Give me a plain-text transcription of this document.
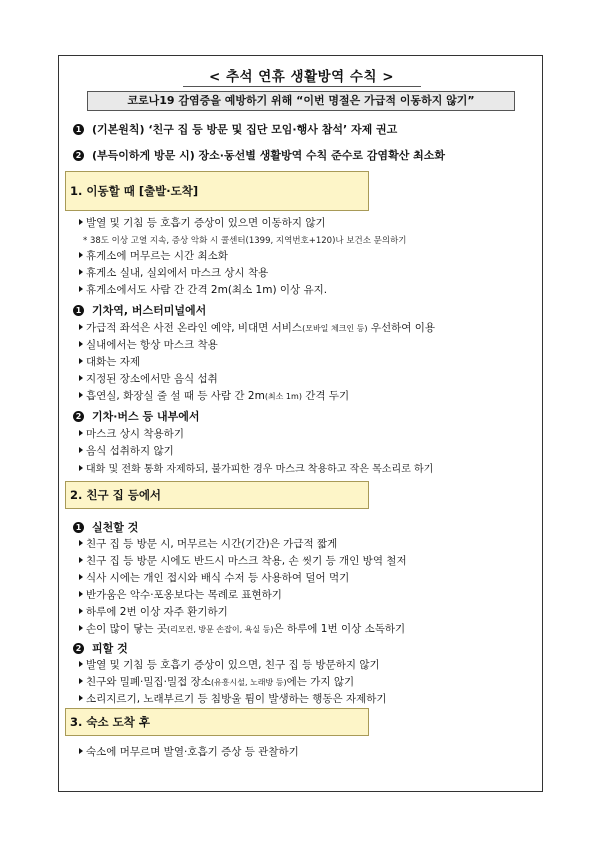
< 추석 연휴 생활방역 수칙 >
코로나19 감염증을 예방하기 위해 “이번 명절은 가급적 이동하지 않기”
1 (기본원칙) ‘친구 집 등 방문 및 집단 모임·행사 참석’ 자제 권고
2 (부득이하게 방문 시) 장소·동선별 생활방역 수칙 준수로 감염확산 최소화
1. 이동할 때 [출발·도착]
발열 및 기침 등 호흡기 증상이 있으면 이동하지 않기
* 38도 이상 고열 지속, 증상 악화 시 콜센터(1399, 지역번호+120)나 보건소 문의하기
휴게소에 머무르는 시간 최소화
휴게소 실내, 실외에서 마스크 상시 착용
휴게소에서도 사람 간 간격 2m(최소 1m) 이상 유지.
1 기차역, 버스터미널에서
가급적 좌석은 사전 온라인 예약, 비대면 서비스(모바일 체크인 등) 우선하여 이용
실내에서는 항상 마스크 착용
대화는 자제
지정된 장소에서만 음식 섭취
흡연실, 화장실 줄 설 때 등 사람 간 2m(최소 1m) 간격 두기
2 기차·버스 등 내부에서
마스크 상시 착용하기
음식 섭취하지 않기
대화 및 전화 통화 자제하되, 불가피한 경우 마스크 착용하고 작은 목소리로 하기
2. 친구 집 등에서
1 실천할 것
친구 집 등 방문 시, 머무르는 시간(기간)은 가급적 짧게
친구 집 등 방문 시에도 반드시 마스크 착용, 손 씻기 등 개인 방역 철저
식사 시에는 개인 접시와 배식 수저 등 사용하여 덜어 먹기
반가움은 악수·포옹보다는 목례로 표현하기
하루에 2번 이상 자주 환기하기
손이 많이 닿는 곳(리모컨, 방문 손잡이, 욕실 등)은 하루에 1번 이상 소독하기
2 피할 것
발열 및 기침 등 호흡기 증상이 있으면, 친구 집 등 방문하지 않기
친구와 밀폐·밀집·밀접 장소(유흥시설, 노래방 등)에는 가지 않기
소리지르기, 노래부르기 등 침방울 튐이 발생하는 행동은 자제하기
3. 숙소 도착 후
숙소에 머무르며 발열·호흡기 증상 등 관찰하기
